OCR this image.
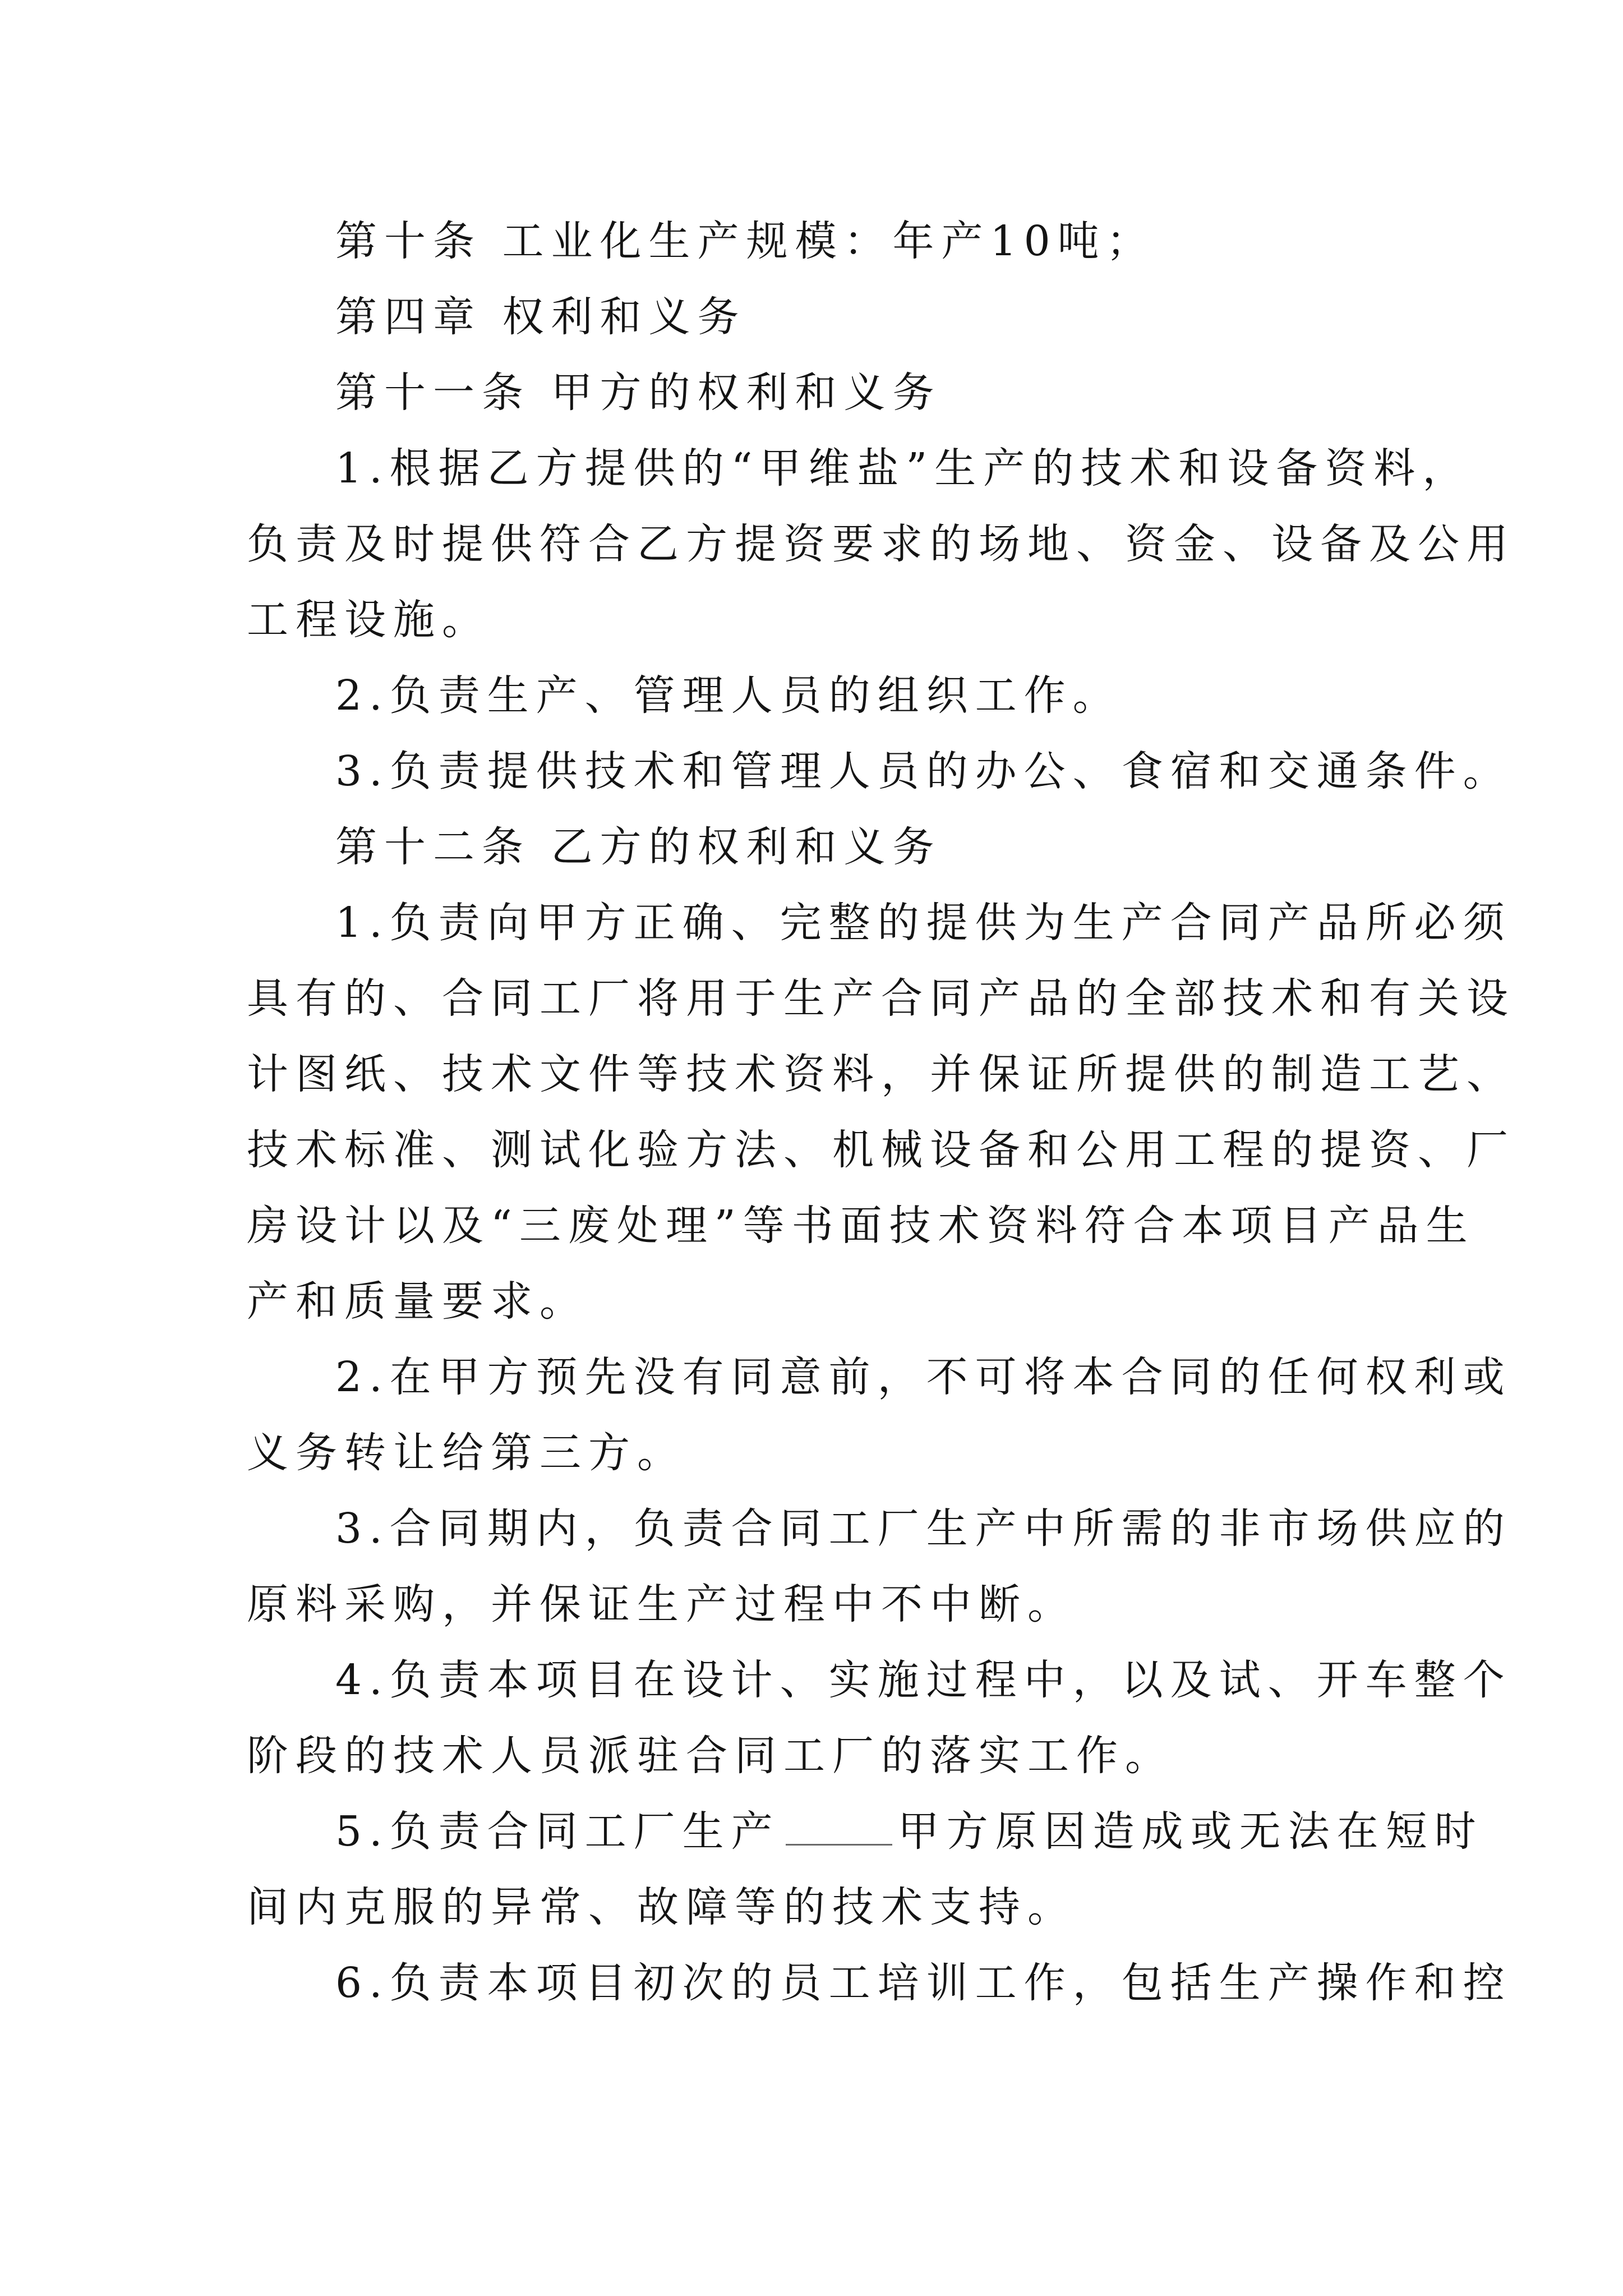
第十条 工业化生产规模：年产10吨；
第四章 权利和义务
第十一条 甲方的权利和义务
1.根据乙方提供的“甲维盐”生产的技术和设备资料，
负责及时提供符合乙方提资要求的场地、资金、设备及公用
工程设施。
2.负责生产、管理人员的组织工作。
3.负责提供技术和管理人员的办公、食宿和交通条件。
第十二条 乙方的权利和义务
1.负责向甲方正确、完整的提供为生产合同产品所必须
具有的、合同工厂将用于生产合同产品的全部技术和有关设
计图纸、技术文件等技术资料，并保证所提供的制造工艺、
技术标准、测试化验方法、机械设备和公用工程的提资、厂
房设计以及“三废处理”等书面技术资料符合本项目产品生
产和质量要求。
2.在甲方预先没有同意前，不可将本合同的任何权利或
义务转让给第三方。
3.合同期内，负责合同工厂生产中所需的非市场供应的
原料采购，并保证生产过程中不中断。
4.负责本项目在设计、实施过程中，以及试、开车整个
阶段的技术人员派驻合同工厂的落实工作。
5.负责合同工厂生产	甲方原因造成或无法在短时
间内克服的异常、故障等的技术支持。
6.负责本项目初次的员工培训工作，包括生产操作和控
